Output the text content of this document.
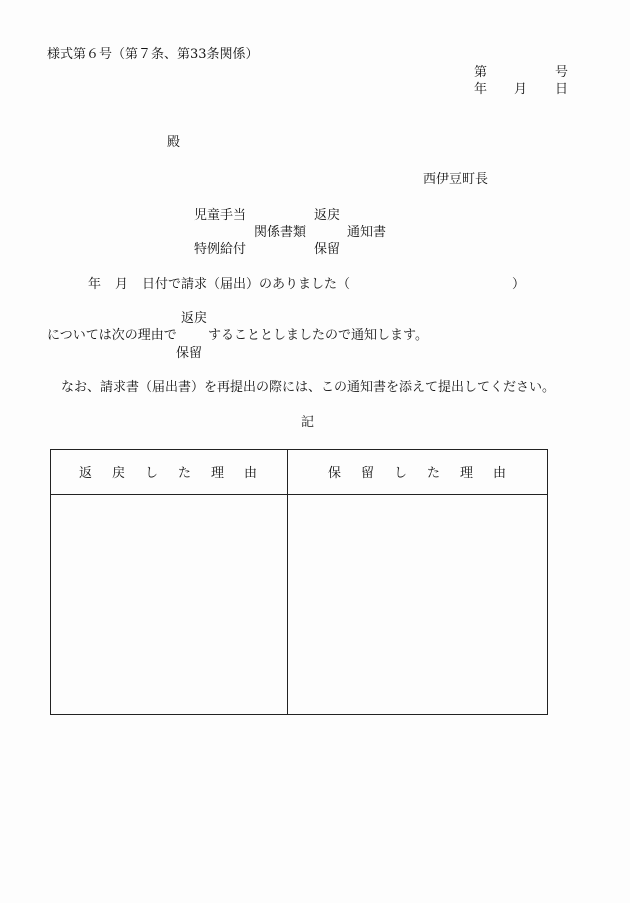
様式第６号（第７条、第33条関係）
第	号
年 月 日
殿
西伊豆町長
児童手当	返戻
関係書類	通知書
特例給付	保留
年 月 日付で請求（届出）のありました（	）
返戻
については次の理由で することとしましたので通知します。
保留
なお、請求書（届出書）を再提出の際には、この通知書を添えて提出してください。
記
返戻した理由	保留した理由
